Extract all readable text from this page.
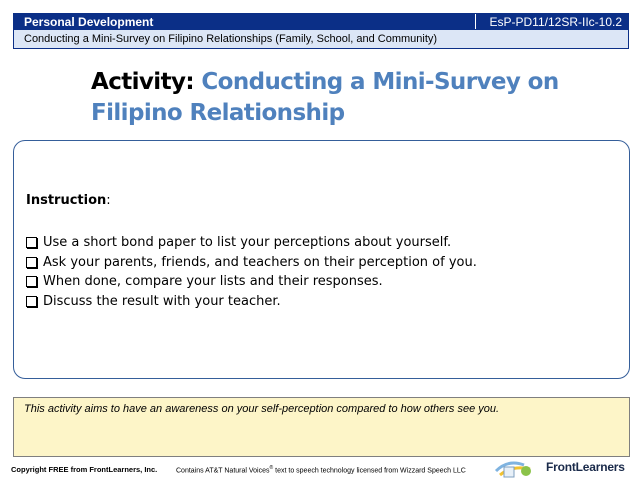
Personal Development	EsP-PD11/12SR-IIc-10.2
Conducting a Mini-Survey on Filipino Relationships (Family, School, and Community)
Activity: Conducting a Mini-Survey on
Filipino Relationship
Instruction:
Use a short bond paper to list your perceptions about yourself.
Ask your parents, friends, and teachers on their perception of you.
When done, compare your lists and their responses.
Discuss the result with your teacher.
This activity aims to have an awareness on your self-perception compared to how others see you.
Copyright FREE from FrontLearners, Inc.	Contains AT&T Natural Voices® text to speech technology licensed from Wizzard Speech LLC	FrontLearners
